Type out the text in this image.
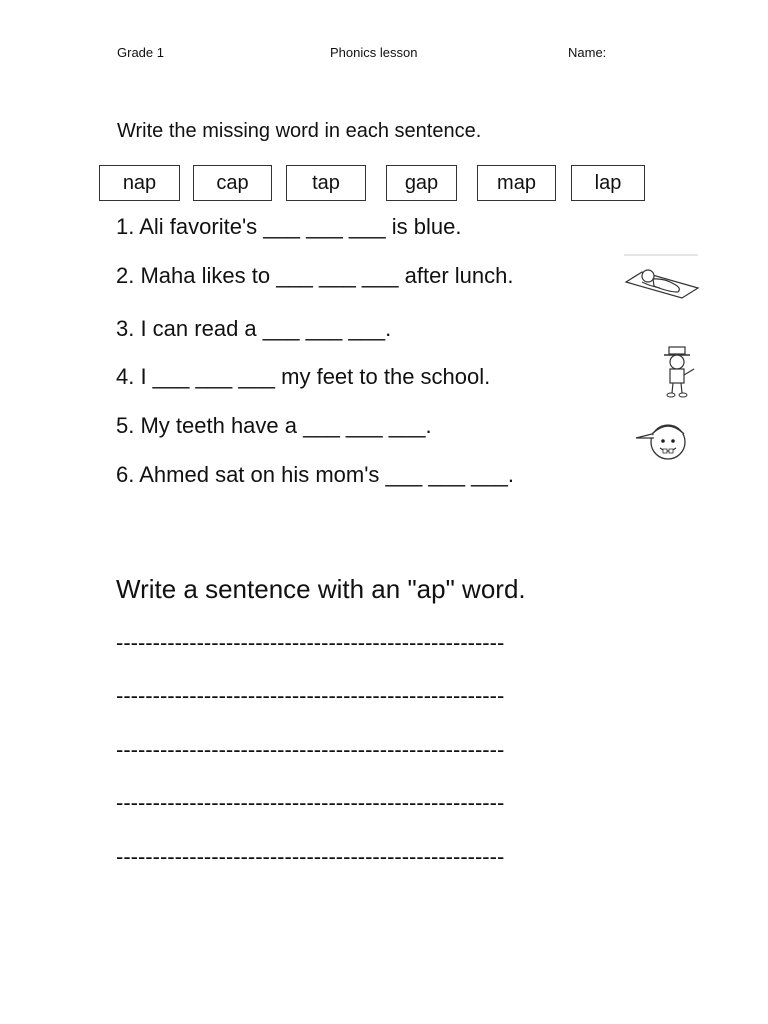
Grade 1	Phonics lesson	Name:
Write the missing word in each sentence.
nap	cap	tap	gap	map	lap
1. Ali favorite's ___ ___ ___ is blue.
2. Maha likes to ___ ___ ___ after lunch.
3. I can read a ___ ___ ___.
4. I ___ ___ ___ my feet to the school.
5. My teeth have a ___ ___ ___.
6. Ahmed sat on his mom's ___ ___ ___.
Write a sentence with an "ap" word.
-----------------------------------------------------
-----------------------------------------------------
-----------------------------------------------------
-----------------------------------------------------
-----------------------------------------------------
